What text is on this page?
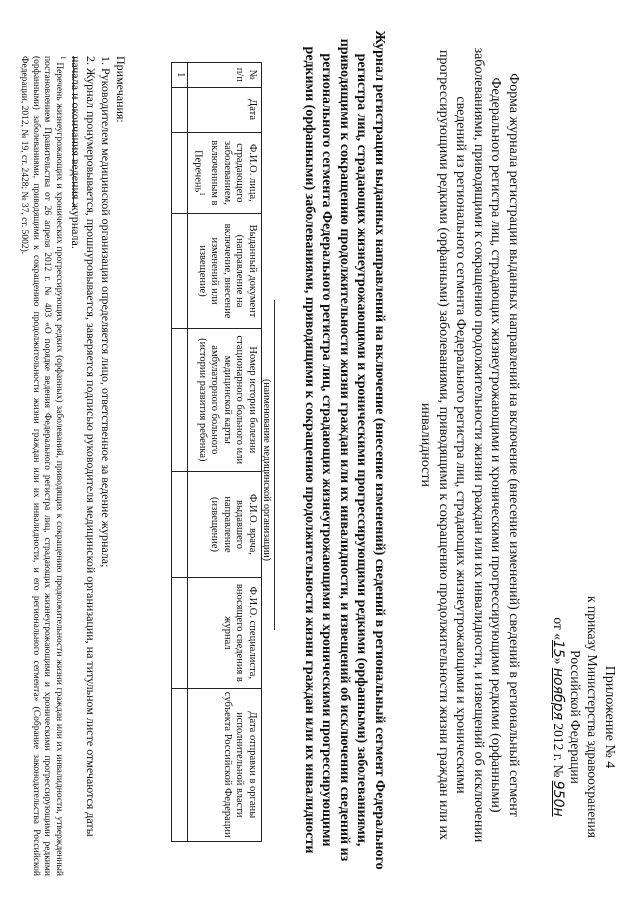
Приложение № 4
к приказу Министерства здравоохранения
Российской Федерации
от «15» ноября 2012 г. № 950н
Форма журнала регистрации выданных направлений на включение (внесение изменений) сведений в региональный сегмент Федерального регистра лиц, страдающих жизнеугрожающими и хроническими прогрессирующими редкими (орфанными) заболеваниями, приводящими к сокращению продолжительности жизни граждан или их инвалидности, и извещений об исключении сведений из регионального сегмента Федерального регистра лиц, страдающих жизнеугрожающими и хроническими прогрессирующими редкими (орфанными) заболеваниями, приводящими к сокращению продолжительности жизни граждан или их инвалидности
Журнал регистрации выданных направлений на включение (внесение изменений) сведений в региональный сегмент Федерального регистра лиц, страдающих жизнеугрожающими и хроническими прогрессирующими редкими (орфанными) заболеваниями, приводящими к сокращению продолжительности жизни граждан или их инвалидности, и извещений об исключении сведений из регионального сегмента Федерального регистра лиц, страдающих жизнеугрожающими и хроническими прогрессирующими редкими (орфанными) заболеваниями, приводящими к сокращению продолжительности жизни граждан или их инвалидности
(наименование медицинской организации)
№ п/п	Дата	Ф.И.О. лица, страдающего заболеванием, включенным в Перечень$^1$	Выданный документ (направление на включение, внесение изменений или извещение)	Номер истории болезни стационарного больного или медицинской карты амбулаторного больного (истории развития ребенка)	Ф.И.О. врача, выдавшего направление (извещение)	Ф.И.О. специалиста, вносящего сведения в журнал	Дата отправки в органы исполнительной власти субъекта Российской Федерации
1							
Примечания:
1. Руководителем медицинской организации определяется лицо, ответственное за ведение журнала;
2. Журнал пронумеровывается, прошнуровывается, заверяется подписью руководителя медицинской организации, на титульном листе отмечаются даты начала и окончания ведения журнала.
$^1$ Перечень жизнеугрожающих и хронических прогрессирующих редких (орфанных) заболеваний, приводящих к сокращению продолжительности жизни граждан или их инвалидности, утвержденный постановлением Правительства от 26 апреля 2012 г. № 403 «О порядке ведения Федерального регистра лиц, страдающих жизнеугрожающими и хроническими прогрессирующими редкими (орфанными) заболеваниями, приводящими к сокращению продолжительности жизни граждан или их инвалидности, и его регионального сегмента» (Собрание законодательства Российской Федерации, 2012, № 19, ст. 2428; № 37, ст. 5002).
